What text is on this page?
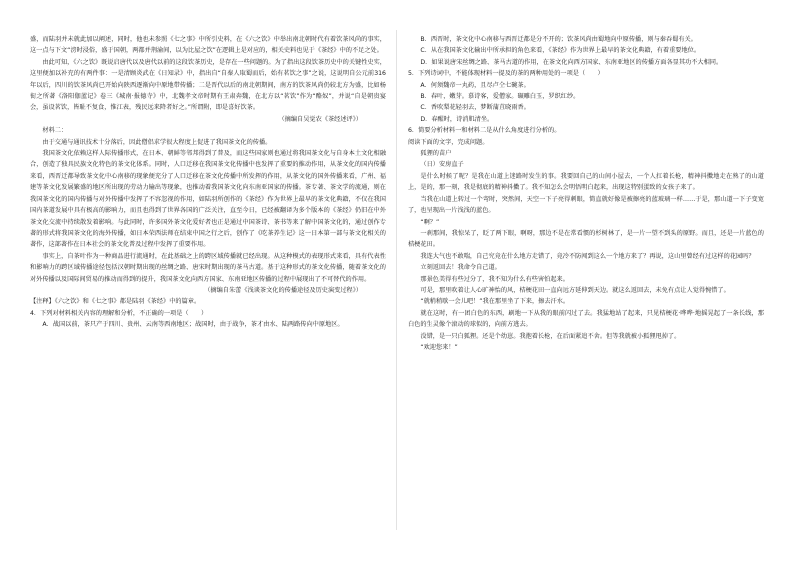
盛，而陆羽并未就此加以阐述，同时，他也未参照《七之事》中所引史料，在《六之饮》中举出南北朝时代有着饮茶风尚的事实，这一点与下文“滂时浸俗，盛于国朝，两都并荆渝间，以为比屋之饮”在逻辑上是对应的，相关史料也见于《茶经》中的不足之处。

由此可知，《六之饮》既说启唐代以及唐代以前的这段饮茶历史，是存在一些问题的。为了指出这段饮茶历史中的关键性史实，这里便加以补充的有两件事：一是清顾炎武在《日知录》中，指出自“自秦人取蜀而后，始有茗饮之事”之说，这说明自公元前316年以后，四川的饮茶风尚已开始向陕西逐渐向中原地带传播；二是晋代以后的南北朝期间，南方的饮茶风尚仍较北方为盛，比如杨衒之所著《洛阳伽蓝记》卷三《城南·报德寺》中，北魏孝文帝时期有王肃奔魏，在北方以“茗饮”作为“酪奴”，并说“自是朝贵宴会，虽设茗饮，皆耻不复食，惟江表，残民远来降者好之。”所谓附，即是喜好饮茶。

（摘编自吴觉农《茶经述评》）

材料二：

由于交通与通讯技术十分落后，因此僧侣求学很大程度上促进了我国茶文化的传播。

我国茶文化依赖这样人际传播形式，在日本、朝鲜等邻邦得到了普及，而这些国家则也通过将我国茶文化与自身本土文化相融合，创造了独具民族文化特色的茶文化体系。同时，人口迁移在我国茶文化传播中也发挥了重要的推动作用，从茶文化的国内传播来看，西晋迁都导致茶文化中心南移的现象便充分了人口迁移在茶文化传播中所发挥的作用，从茶文化的国外传播来看，广州、福建等茶文化发展繁盛的地区所出现的劳动力输出等现象，也推动着我国茶文化向东南亚国家的传播。茶专著、茶文学的流通，则在我国茶文化的国内传播与对外传播中发挥了不容忽视的作用，如陆羽所创作的《茶经》作为世界上最早的茶文化典籍，不仅在我国国内茶道发展中具有极高的影响力，而且也得到了世界各国的广泛关注，直至今日，已经被翻译为多个版本的《茶经》仍旧在中外茶文化交流中持续散发着影响。与此同时，许多国外茶文化爱好者也正是通过中国茶诗、茶书等来了解中国茶文化的，通过创作专著的形式将我国茶文化的海外传播，如日本荣西法师在结束中国之行之后，创作了《吃茶养生记》这一日本第一部与茶文化相关的著作，这部著作在日本社会的茶文化普及过程中发挥了重要作用。

事实上，自茶叶作为一种商品进行流通时，在此基础之上的跨区域传播就已经出现。从这种模式的表现形式来看，具有代表性和影响力的跨区域传播途径包括汉朝时期出现的丝绸之路、唐宋时期出现的茶马古道。基于这种形式的茶文化传播，随着茶文化的对外传播以及国际间贸易的推动而得到的提升，我国茶文化向西方国家、东南亚地区传播的过程中展现出了不可替代的作用。

（摘编自朱蕾《浅谈茶文化的传播途径及历史演变过程》）

【注释】《六之饮》和《七之事》都是陆羽《茶经》中的篇章。

4．下列对材料相关内容的理解和分析，不正确的一项是（　　）

A．战国以前，茶只产于四川、贵州、云南等西南地区；战国时，由于战争，茶才由水、陆两路传向中原地区。

B．西晋时，茶文化中心南移与西晋迁都是分不开的；饮茶风尚由蜀地向中原传播，则与秦吞蜀有关。

C．从在我国茶文化输出中所承担的角色来看，《茶经》作为世界上最早的茶文化典籍，有着重要地位。

D．如果说唐宋丝绸之路、茶马古道的作用，在茶文化向西方国家、东南亚地区的传播方面各显其功不大相同。

5．下列诗词中，不能体现材料一提及的茶的两种用处的一项是（　　）

A．何须魏帝一丸药，且尽卢仝七碗茶。

B．春叶，嫩芽。慕诗客，爱僧家。碾雕白玉，罗织红纱。

C．香吹梨花轻羽去，梦断蒲苴晓雨香。

D．春醒时，诗消肌清坐。

6．简要分析材料一和材料二是从什么角度进行分析的。

阅读下面的文字，完成问题。

狐狸的苗户

（日）安房直子

是什么时候了呢？是我在山道上迷路时发生的事。我要回自己的山间小屋去，一个人扛着长枪，精神抖擞地走在熟了的山道上，是的，那一刻，我是彻底的精神抖擞了。我不知怎么会明悟明白起来，出现这特别蛋致的女孩子来了。

当我在山道上转过一个弯时，突然间，天空一下子亮得刺眼，简直就好像是被擦亮的蓝玻璃一样……于是，那山道一下子变宽了，也呈现出一片浅浅的蓝色。

“啊？”

一刹那间，我惊呆了，眨了两下眼，啊呀，那边不是在常看惯的杉树林了，是一片一望不到头的原野。而且，还是一片蓝色的桔梗花田。

我连大气也不敢喘，自己究竟在什么地方走错了，竟冷不防闯到这么一个地方来了？再说，这山里曾经有过这样的花园吗？

立刻返回去！我命令自己道。

那景色美得有些过分了，我不知为什么有些害怕起来。

可是，那里吹着让人心旷神怡的风，桔梗花田一直向远方延伸到天边。就这么返回去，未免有点让人觉得惋惜了。

“就稍稍歇一会儿吧！”我在那里坐了下来，擦去汗水。

就在这时，有一团白色的东西，刷地一下从我的眼前闪过了去。我猛地站了起来，只见桔梗花·哗哗·地摇晃起了一条长线，那白色的生灵像个滚动的球似的，向前方逃去。

没错，是一只白狐狸。还是个幼崽。我抱着长枪，在后面紧追不舍。但等我就被小狐狸甩掉了。

“欢迎您来！”
